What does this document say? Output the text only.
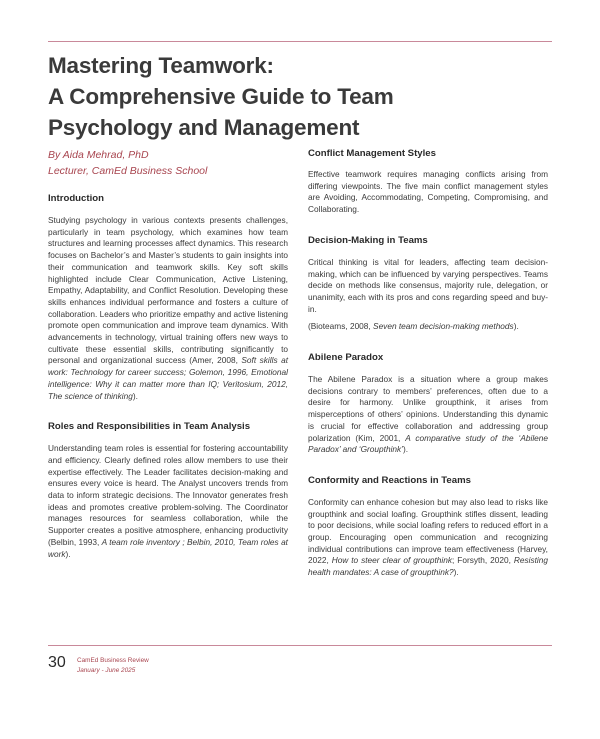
Mastering Teamwork:
A Comprehensive Guide to Team
Psychology and Management
By Aida Mehrad, PhD
Lecturer, CamEd Business School
Introduction

Studying psychology in various contexts presents challenges, particularly in team psychology, which examines how team structures and learning processes affect dynamics. This research focuses on Bachelor’s and Master’s students to gain insights into their communication and teamwork skills. Key soft skills highlighted include Clear Communication, Active Listening, Empathy, Adaptability, and Conflict Resolution. Developing these skills enhances individual performance and fosters a culture of collaboration. Leaders who prioritize empathy and active listening promote open communication and improve team dynamics. With advancements in technology, virtual training offers new ways to cultivate these essential skills, contributing significantly to personal and organizational success (Amer, 2008, Soft skills at work: Technology for career success; Golemon, 1996, Emotional intelligence: Why it can matter more than IQ; Veritosium, 2012, The science of thinking).

Roles and Responsibilities in Team Analysis

Understanding team roles is essential for fostering accountability and efficiency. Clearly defined roles allow members to use their expertise effectively. The Leader facilitates decision-making and ensures every voice is heard. The Analyst uncovers trends from data to inform strategic decisions. The Innovator generates fresh ideas and promotes creative problem-solving. The Coordinator manages resources for seamless collaboration, while the Supporter creates a positive atmosphere, enhancing productivity (Belbin, 1993, A team role inventory ; Belbin, 2010, Team roles at work).

Conflict Management Styles

Effective teamwork requires managing conflicts arising from differing viewpoints. The five main conflict management styles are Avoiding, Accommodating, Competing, Compromising, and Collaborating.

Decision-Making in Teams

Critical thinking is vital for leaders, affecting team decision-making, which can be influenced by varying perspectives. Teams decide on methods like consensus, majority rule, delegation, or unanimity, each with its pros and cons regarding speed and buy-in.

(Bioteams, 2008, Seven team decision-making methods).

Abilene Paradox

The Abilene Paradox is a situation where a group makes decisions contrary to members’ preferences, often due to a desire for harmony. Unlike groupthink, it arises from misperceptions of others’ opinions. Understanding this dynamic is crucial for effective collaboration and addressing group polarization (Kim, 2001, A comparative study of the ‘Abilene Paradox’ and ‘Groupthink’).

Conformity and Reactions in Teams

Conformity can enhance cohesion but may also lead to risks like groupthink and social loafing. Groupthink stifles dissent, leading to poor decisions, while social loafing refers to reduced effort in a group. Encouraging open communication and recognizing individual contributions can improve team effectiveness (Harvey, 2022, How to steer clear of groupthink; Forsyth, 2020, Resisting health mandates: A case of groupthink?).

30 CamEd Business Review
January - June 2025
